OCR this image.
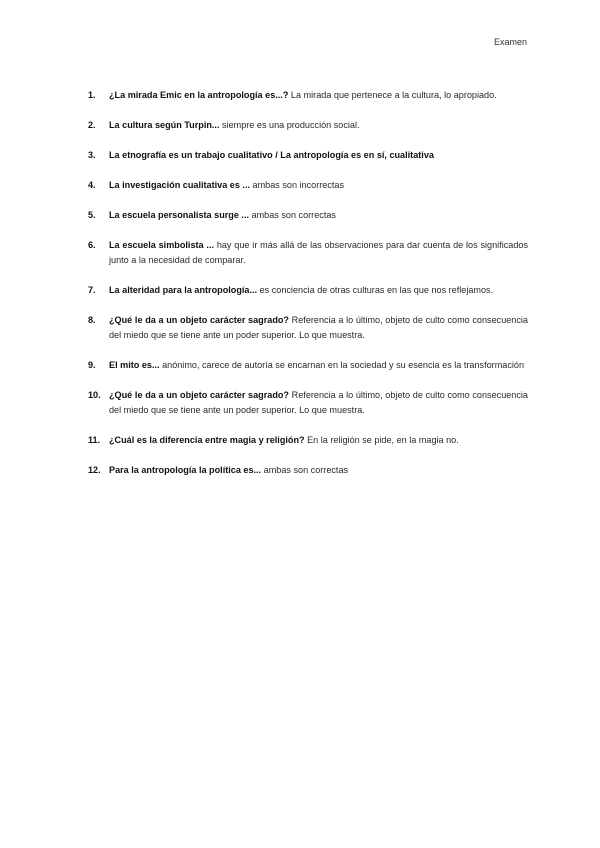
Examen
1.	¿La mirada Emic en la antropología es...? La mirada que pertenece a la cultura, lo apropiado.
2.	La cultura según Turpin... siempre es una producción social.
3.	La etnografía es un trabajo cualitativo / La antropología es en sí, cualitativa
4.	La investigación cualitativa es ... ambas son incorrectas
5.	La escuela personalista surge ... ambas son correctas
6.	La escuela simbolista ... hay que ir más allá de las observaciones para dar cuenta de los significados junto a la necesidad de comparar.
7.	La alteridad para la antropología... es conciencia de otras culturas en las que nos reflejamos.
8.	¿Qué le da a un objeto carácter sagrado? Referencia a lo último, objeto de culto como consecuencia del miedo que se tiene ante un poder superior. Lo que muestra.
9.	El mito es... anónimo, carece de autoría se encarnan en la sociedad y su esencia es la transformación
10. ¿Qué le da a un objeto carácter sagrado? Referencia a lo último, objeto de culto como consecuencia del miedo que se tiene ante un poder superior. Lo que muestra.
11. ¿Cuál es la diferencia entre magia y religión? En la religión se pide, en la magia no.
12. Para la antropología la política es... ambas son correctas
